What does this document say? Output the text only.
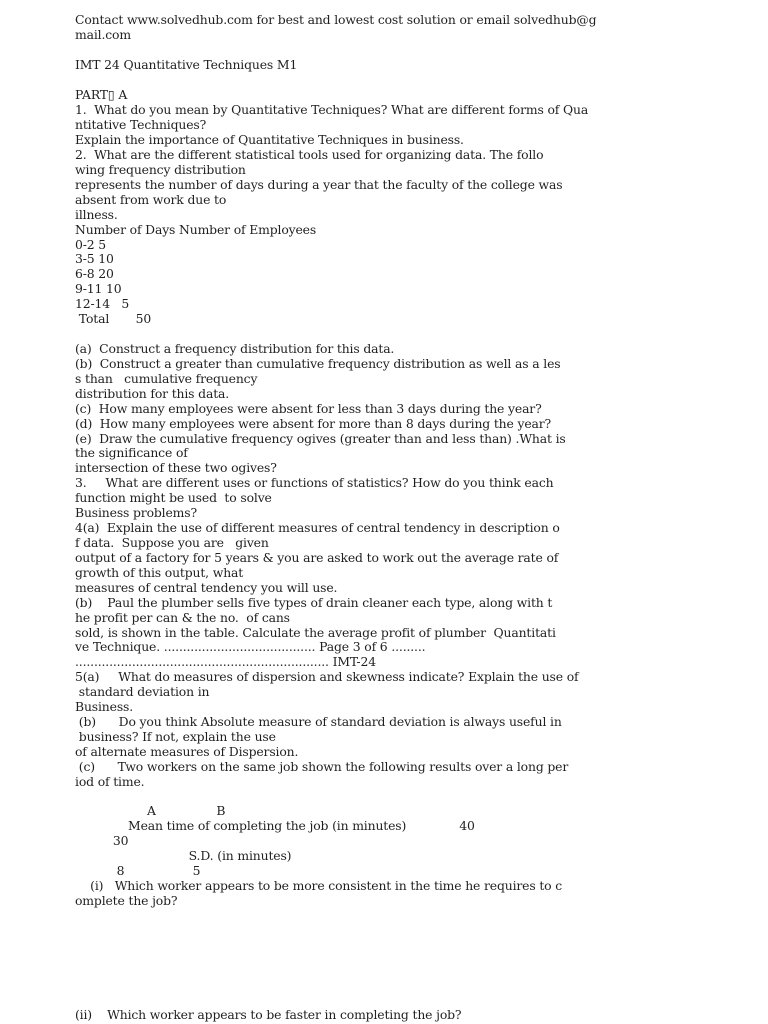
Contact www.solvedhub.com for best and lowest cost solution or email solvedhub@g
mail.com
IMT 24 Quantitative Techniques M1
PART▯ A
1.  What do you mean by Quantitative Techniques? What are different forms of Qua
ntitative Techniques?
Explain the importance of Quantitative Techniques in business.
2.  What are the different statistical tools used for organizing data. The follo
wing frequency distribution
represents the number of days during a year that the faculty of the college was
absent from work due to
illness.
Number of Days Number of Employees
0-2 5
3-5 10
6-8 20
9-11 10
12-14   5
Total       50
(a)  Construct a frequency distribution for this data.
(b)  Construct a greater than cumulative frequency distribution as well as a les
s than   cumulative frequency
distribution for this data.
(c)  How many employees were absent for less than 3 days during the year?
(d)  How many employees were absent for more than 8 days during the year?
(e)  Draw the cumulative frequency ogives (greater than and less than) .What is
the significance of
intersection of these two ogives?
3.     What are different uses or functions of statistics? How do you think each
function might be used  to solve
Business problems?
4(a)  Explain the use of different measures of central tendency in description o
f data.  Suppose you are   given
output of a factory for 5 years & you are asked to work out the average rate of
growth of this output, what
measures of central tendency you will use.
(b)    Paul the plumber sells five types of drain cleaner each type, along with t
he profit per can & the no.  of cans
sold, is shown in the table. Calculate the average profit of plumber  Quantitati
ve Technique. ........................................ Page 3 of 6 .........
................................................................... IMT-24
5(a)     What do measures of dispersion and skewness indicate? Explain the use of
standard deviation in
Business.
(b)      Do you think Absolute measure of standard deviation is always useful in
business? If not, explain the use
of alternate measures of Dispersion.
(c)      Two workers on the same job shown the following results over a long per
iod of time.
A                B
Mean time of completing the job (in minutes)              40
30
S.D. (in minutes)
8                  5
(i)   Which worker appears to be more consistent in the time he requires to c
omplete the job?
(ii)    Which worker appears to be faster in completing the job?
